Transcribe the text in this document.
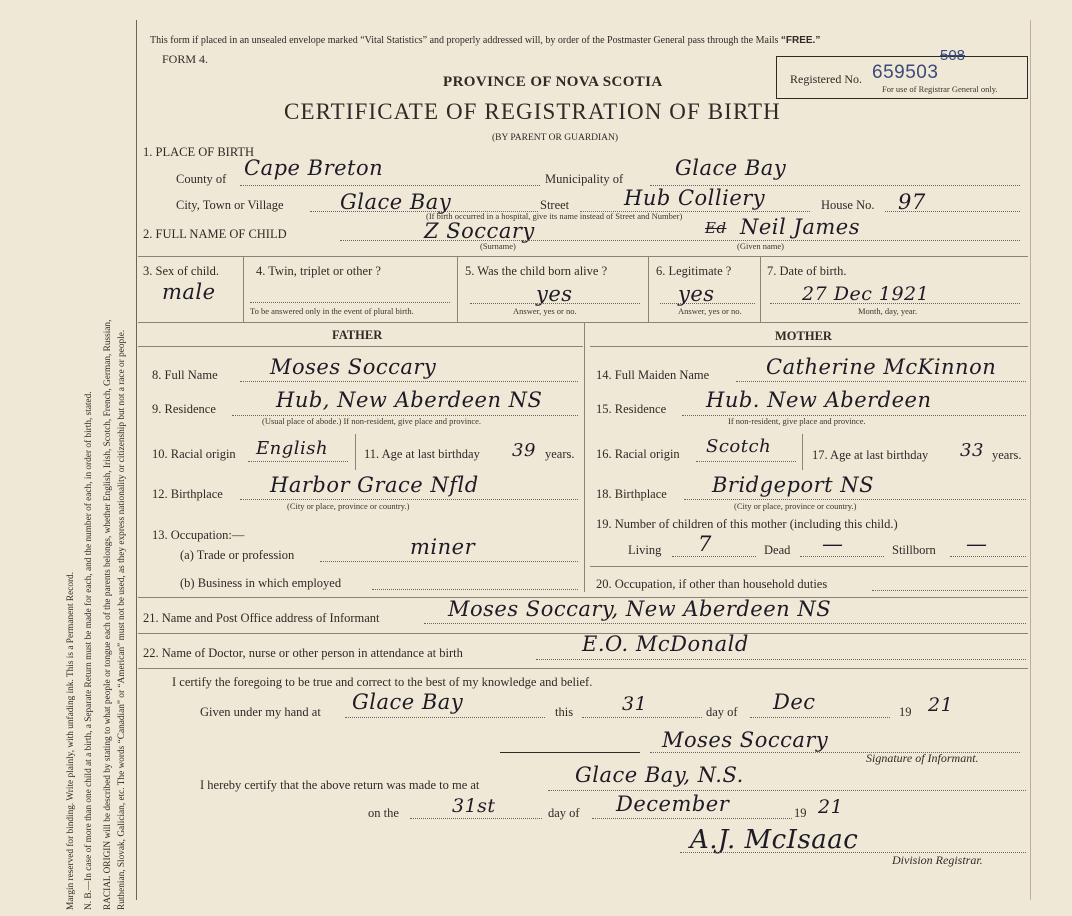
Margin reserved for binding. Write plainly, with unfading ink. This is a Permanent Record. N. B.—In case of more than one child at a birth, a Separate Return must be made for each, and the number of each, in order of birth, stated. RACIAL ORIGIN will be described by stating to what people or tongue each of the parents belongs, whether English, Irish, Scotch, French, German, Russian, Ruthenian, Slovak, Galician, etc. The words “Canadian” or “American” must not be used, as they express nationality or citizenship but not a race or people.
This form if placed in an unsealed envelope marked “Vital Statistics” and properly addressed will, by order of the Postmaster General pass through the Mails “FREE.”
FORM 4.
PROVINCE OF NOVA SCOTIA
CERTIFICATE OF REGISTRATION OF BIRTH
(BY PARENT OR GUARDIAN)
Registered No. 659503
508
For use of Registrar General only.
1. PLACE OF BIRTH
County of Cape Breton	Municipality of Glace Bay
City, Town or Village	Glace Bay	Street	Hub Colliery
(If birth occurred in a hospital, give its name instead of Street and Number)
House No. 97
2. FULL NAME OF CHILD	Z Soccary	Ed Neil James
(Surname)	(Given name)
3. Sex of child.
male
4. Twin, triplet or other ?
To be answered only in the event of plural birth.
5. Was the child born alive ?
yes
Answer, yes or no.
6. Legitimate ?
yes
Answer, yes or no.
7. Date of birth.
27 Dec 1921
Month, day, year.
FATHER	MOTHER
8. Full Name Moses Soccary
9. Residence	Hub, New Aberdeen NS
(Usual place of abode.) If non-resident, give place and province.
10. Racial origin English	11. Age at last birthday 39 years.
12. Birthplace Harbor Grace Nfld
(City or place, province or country.)
13. Occupation:—
(a) Trade or profession	miner
(b) Business in which employed
14. Full Maiden Name	Catherine McKinnon
15. Residence Hub. New Aberdeen
If non-resident, give place and province.
16. Racial origin Scotch	17. Age at last birthday 33 years.
18. Birthplace Bridgeport NS
(City or place, province or country.)
19. Number of children of this mother (including this child.)
Living 7	Dead —	Stillborn —
20. Occupation, if other than household duties
21. Name and Post Office address of Informant	Moses Soccary, New Aberdeen NS
22. Name of Doctor, nurse or other person in attendance at birth	E.O. McDonald
I certify the foregoing to be true and correct to the best of my knowledge and belief.
Given under my hand at Glace Bay	this	31	day of Dec	19 21
Moses Soccary
Signature of Informant.
I hereby certify that the above return was made to me at	Glace Bay, N.S.
on the	31st	day of December	19 21
A.J. McIsaac
Division Registrar.
